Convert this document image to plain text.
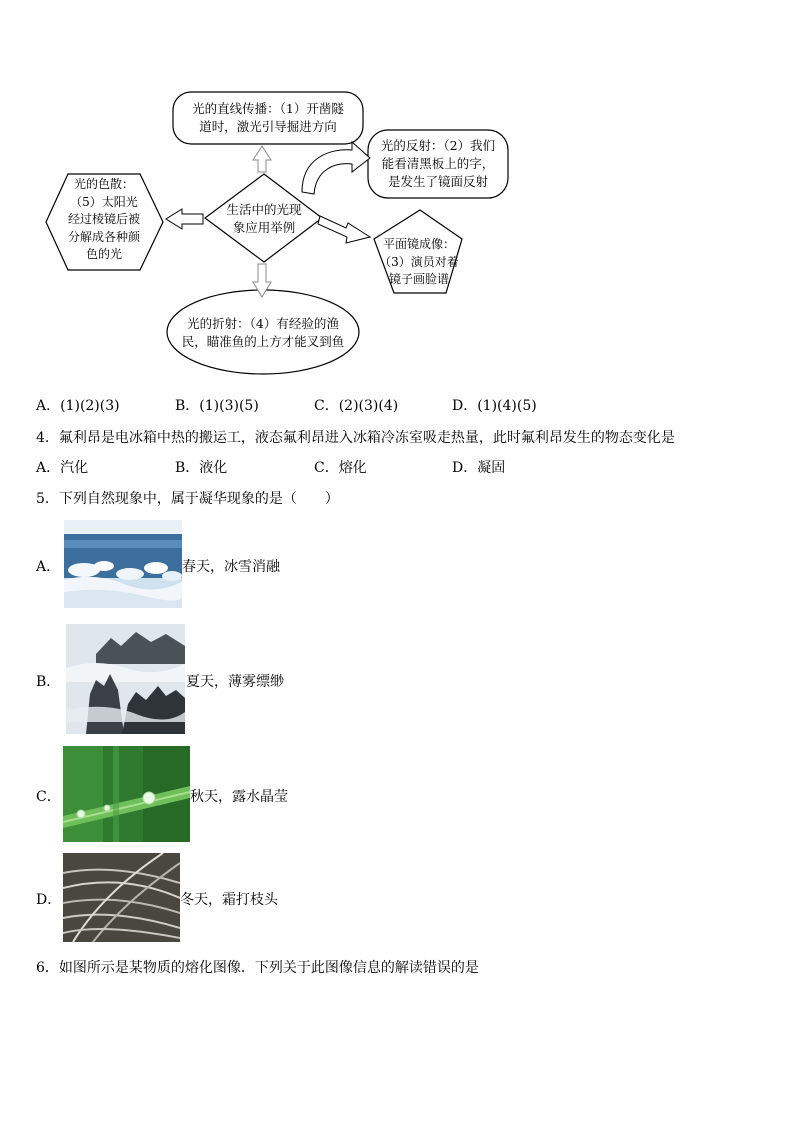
光的直线传播：（1）开凿隧
道时，激光引导掘进方向
光的反射：（2）我们
能看清黑板上的字，
是发生了镜面反射
光的色散：
（5）太阳光
经过棱镜后被
分解成各种颜
色的光
生活中的光现
象应用举例
平面镜成像：
（3）演员对着
镜子画脸谱
光的折射：（4）有经验的渔
民，瞄准鱼的上方才能叉到鱼
A．(1)(2)(3)	B．(1)(3)(5)	C．(2)(3)(4)	D．(1)(4)(5)
4．氟利昂是电冰箱中热的搬运工，液态氟利昂进入冰箱冷冻室吸走热量，此时氟利昂发生的物态变化是
A．汽化	B．液化	C．熔化	D．凝固
5．下列自然现象中，属于凝华现象的是（　　）
A．	春天，冰雪消融
B．	夏天，薄雾缥缈
C．	秋天，露水晶莹
D．	冬天，霜打枝头
6．如图所示是某物质的熔化图像．下列关于此图像信息的解读错误的是
